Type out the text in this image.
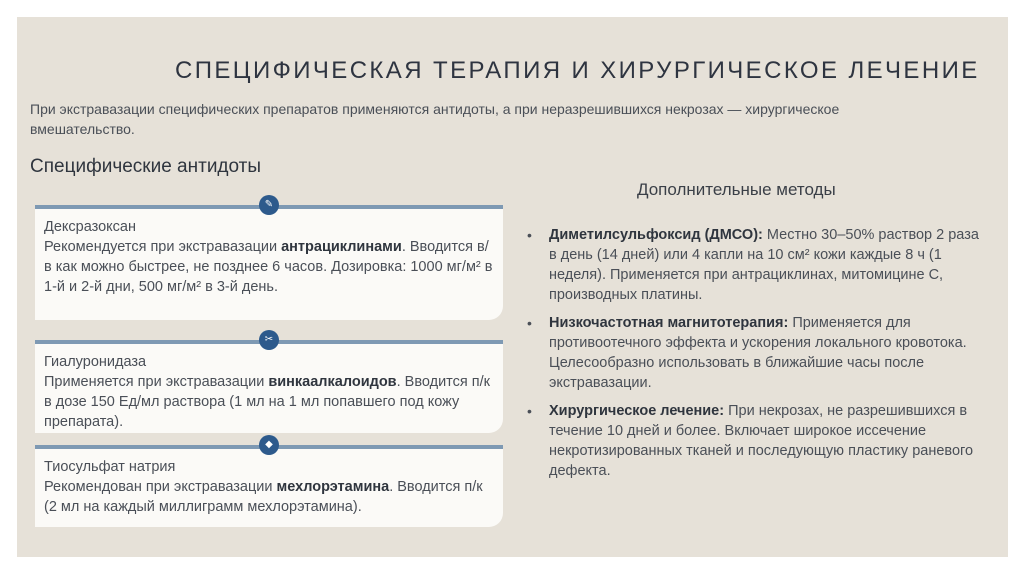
СПЕЦИФИЧЕСКАЯ ТЕРАПИЯ И ХИРУРГИЧЕСКОЕ ЛЕЧЕНИЕ
При экстравазации специфических препаратов применяются антидоты, а при неразрешившихся некрозах — хирургическое вмешательство.
Специфические антидоты
Дексразоксан
Рекомендуется при экстравазации антрациклинами. Вводится в/в как можно быстрее, не позднее 6 часов. Дозировка: 1000 мг/м² в 1-й и 2-й дни, 500 мг/м² в 3-й день.
✎
Гиалуронидаза
Применяется при экстравазации винкаалкалоидов. Вводится п/к в дозе 150 Ед/мл раствора (1 мл на 1 мл попавшего под кожу препарата).
✂
Тиосульфат натрия
Рекомендован при экстравазации мехлорэтамина. Вводится п/к (2 мл на каждый миллиграмм мехлорэтамина).
◆
Дополнительные методы
• Диметилсульфоксид (ДМСО): Местно 30–50% раствор 2 раза в день (14 дней) или 4 капли на 10 см² кожи каждые 8 ч (1 неделя). Применяется при антрациклинах, митомицине С, производных платины.
• Низкочастотная магнитотерапия: Применяется для противоотечного эффекта и ускорения локального кровотока. Целесообразно использовать в ближайшие часы после экстравазации.
• Хирургическое лечение: При некрозах, не разрешившихся в течение 10 дней и более. Включает широкое иссечение некротизированных тканей и последующую пластику раневого дефекта.
